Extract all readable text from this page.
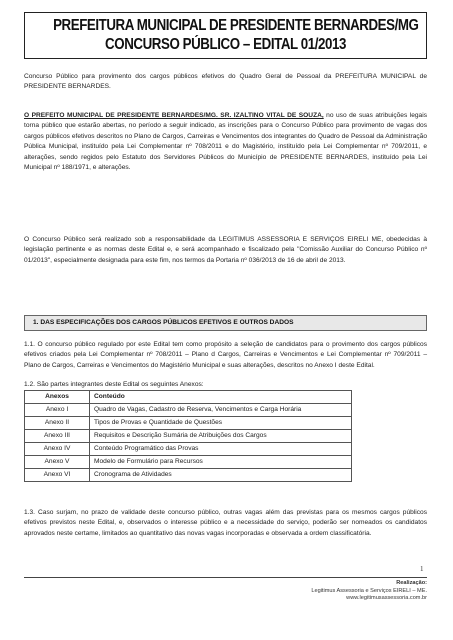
PREFEITURA MUNICIPAL DE PRESIDENTE BERNARDES/MG
CONCURSO PÚBLICO – EDITAL 01/2013
Concurso Público para provimento dos cargos públicos efetivos do Quadro Geral de Pessoal da PREFEITURA MUNICIPAL de PRESIDENTE BERNARDES.
O PREFEITO MUNICIPAL DE PRESIDENTE BERNARDES/MG. SR. IZALTINO VITAL DE SOUZA, no uso de suas atribuições legais torna público que estarão abertas, no período a seguir indicado, as inscrições para o Concurso Público para provimento de vagas dos cargos públicos efetivos descritos no Plano de Cargos, Carreiras e Vencimentos dos integrantes do Quadro de Pessoal da Administração Pública Municipal, instituído pela Lei Complementar nº 708/2011 e do Magistério, instituído pela Lei Complementar nº 709/2011, e alterações, sendo regidos pelo Estatuto dos Servidores Públicos do Município de PRESIDENTE BERNARDES, instituído pela Lei Municipal nº 188/1971, e alterações.
O Concurso Público será realizado sob a responsabilidade da LEGITIMUS ASSESSORIA E SERVIÇOS EIRELI ME, obedecidas à legislação pertinente e as normas deste Edital e, e será acompanhado e fiscalizado pela "Comissão Auxiliar do Concurso Público nº 01/2013", especialmente designada para este fim, nos termos da Portaria nº 036/2013 de 16 de abril de 2013.
1. DAS ESPECIFICAÇÕES DOS CARGOS PÚBLICOS EFETIVOS E OUTROS DADOS
1.1. O concurso público regulado por este Edital tem como propósito a seleção de candidatos para o provimento dos cargos públicos efetivos criados pela Lei Complementar nº 708/2011 – Plano d Cargos, Carreiras e Vencimentos e Lei Complementar nº 709/2011 – Plano de Cargos, Carreiras e Vencimentos do Magistério Municipal e suas alterações, descritos no Anexo I deste Edital.
1.2. São partes integrantes deste Edital os seguintes Anexos:
Anexos	Conteúdo
Anexo I	Quadro de Vagas, Cadastro de Reserva, Vencimentos e Carga Horária
Anexo II	Tipos de Provas e Quantidade de Questões
Anexo III	Requisitos e Descrição Sumária de Atribuições dos Cargos
Anexo IV	Conteúdo Programático das Provas
Anexo V	Modelo de Formulário para Recursos
Anexo VI	Cronograma de Atividades
1.3. Caso surjam, no prazo de validade deste concurso público, outras vagas além das previstas para os mesmos cargos públicos efetivos previstos neste Edital, e, observados o interesse público e a necessidade do serviço, poderão ser nomeados os candidatos aprovados neste certame, limitados ao quantitativo das novas vagas incorporadas e observada a ordem classificatória.
1
Realização:
Legitimus Assessoria e Serviços EIRELI – ME.
www.legitimusassessoria.com.br
